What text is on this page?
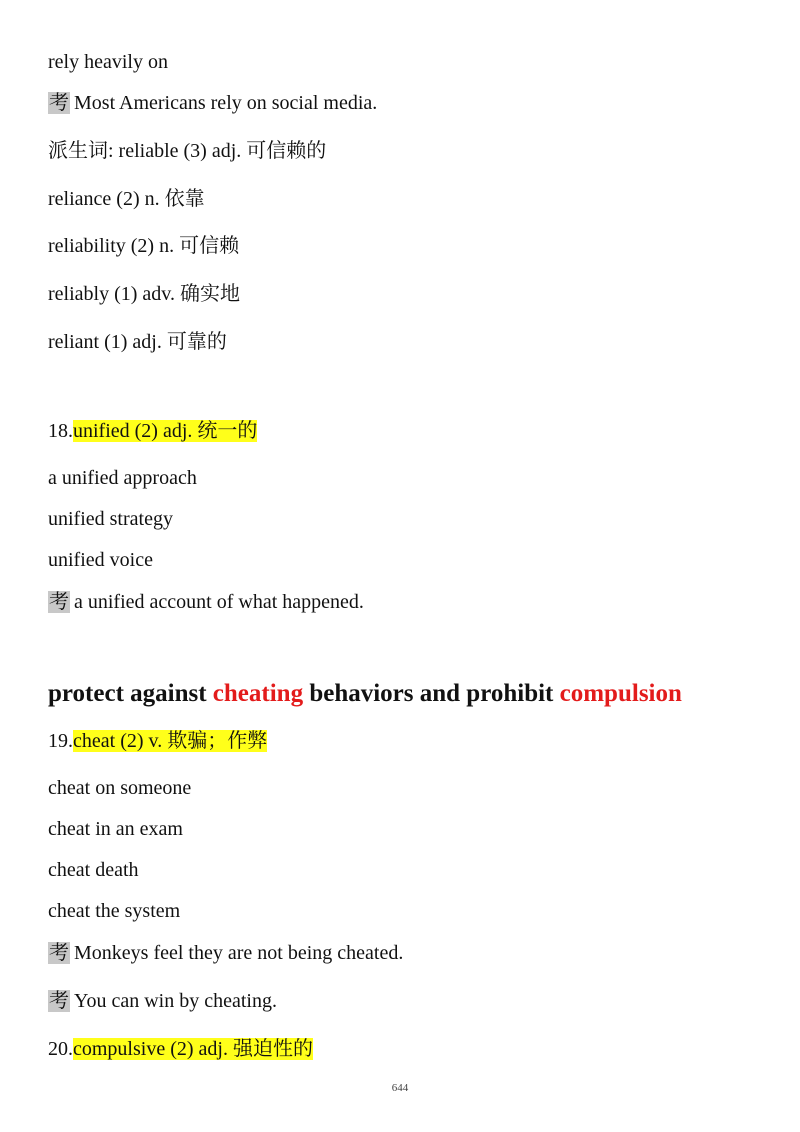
rely heavily on
考 Most Americans rely on social media.
派生词: reliable (3) adj. 可信赖的
reliance (2) n. 依靠
reliability (2) n. 可信赖
reliably (1) adv. 确实地
reliant (1) adj. 可靠的
18.unified (2) adj. 统一的
a unified approach
unified strategy
unified voice
考 a unified account of what happened.
protect against cheating behaviors and prohibit compulsion
19.cheat (2) v. 欺骗；作弊
cheat on someone
cheat in an exam
cheat death
cheat the system
考 Monkeys feel they are not being cheated.
考 You can win by cheating.
20.compulsive (2) adj. 强迫性的
644
